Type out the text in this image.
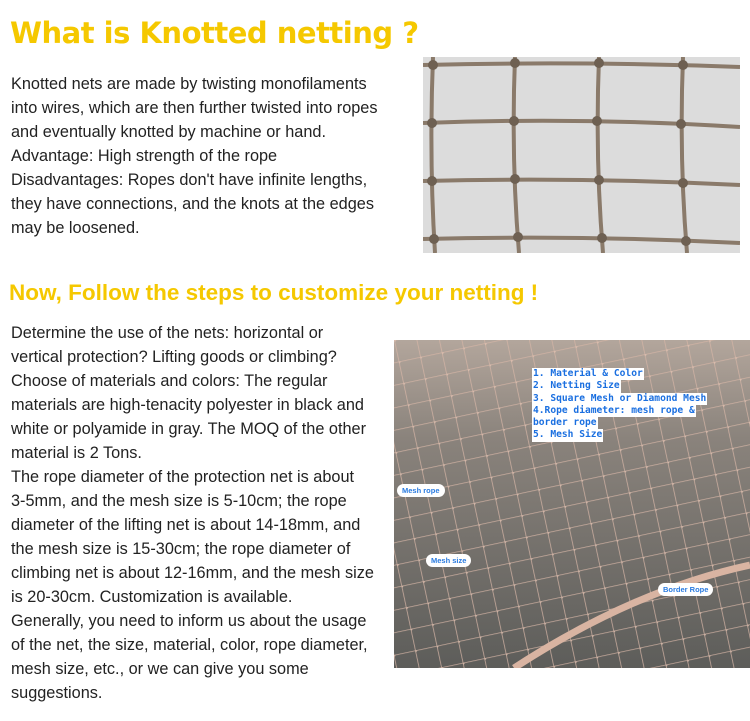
What is Knotted netting ?
Knotted nets are made by twisting monofilaments
into wires, which are then further twisted into ropes
and eventually knotted by machine or hand.
Advantage: High strength of the rope
Disadvantages: Ropes don't have infinite lengths,
they have connections, and the knots at the edges
may be loosened.
Now, Follow the steps to customize your netting !
Determine the use of the nets: horizontal or
vertical protection? Lifting goods or climbing?
Choose of materials and colors: The regular
materials are high-tenacity polyester in black and
white or polyamide in gray. The MOQ of the other
material is 2 Tons.
The rope diameter of the protection net is about
3-5mm, and the mesh size is 5-10cm; the rope
diameter of the lifting net is about 14-18mm, and
the mesh size is 15-30cm; the rope diameter of
climbing net is about 12-16mm, and the mesh size
is 20-30cm. Customization is available.
Generally, you need to inform us about the usage
of the net, the size, material, color, rope diameter,
mesh size, etc., or we can give you some
suggestions.
Mesh rope
Mesh size
Border Rope
1. Material & Color
2. Netting Size
3. Square Mesh or Diamond Mesh
4.Rope diameter: mesh rope &
border rope
5. Mesh Size
